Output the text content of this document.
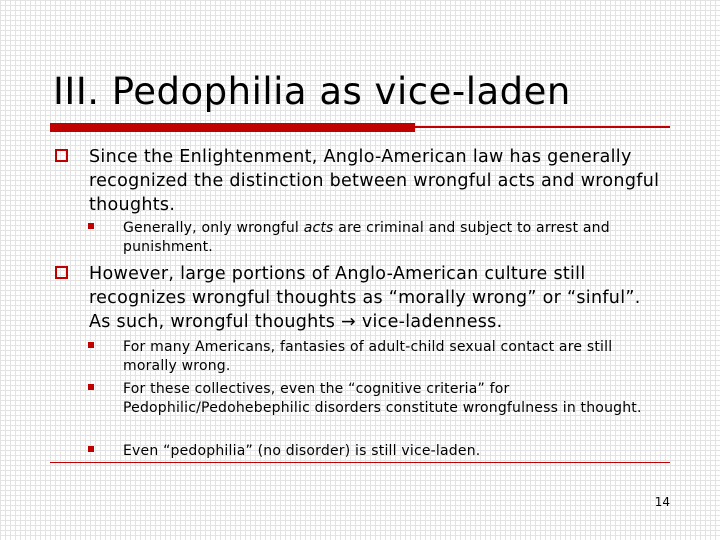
III. Pedophilia as vice-laden
Since the Enlightenment, Anglo-American law has generally recognized the distinction between wrongful acts and wrongful thoughts.
Generally, only wrongful acts are criminal and subject to arrest and punishment.
However, large portions of Anglo-American culture still recognizes wrongful thoughts as “morally wrong” or “sinful”. As such, wrongful thoughts → vice-ladenness.
For many Americans, fantasies of adult-child sexual contact are still morally wrong.
For these collectives, even the “cognitive criteria” for Pedophilic/Pedohebephilic disorders constitute wrongfulness in thought.
Even “pedophilia” (no disorder) is still vice-laden.
14
